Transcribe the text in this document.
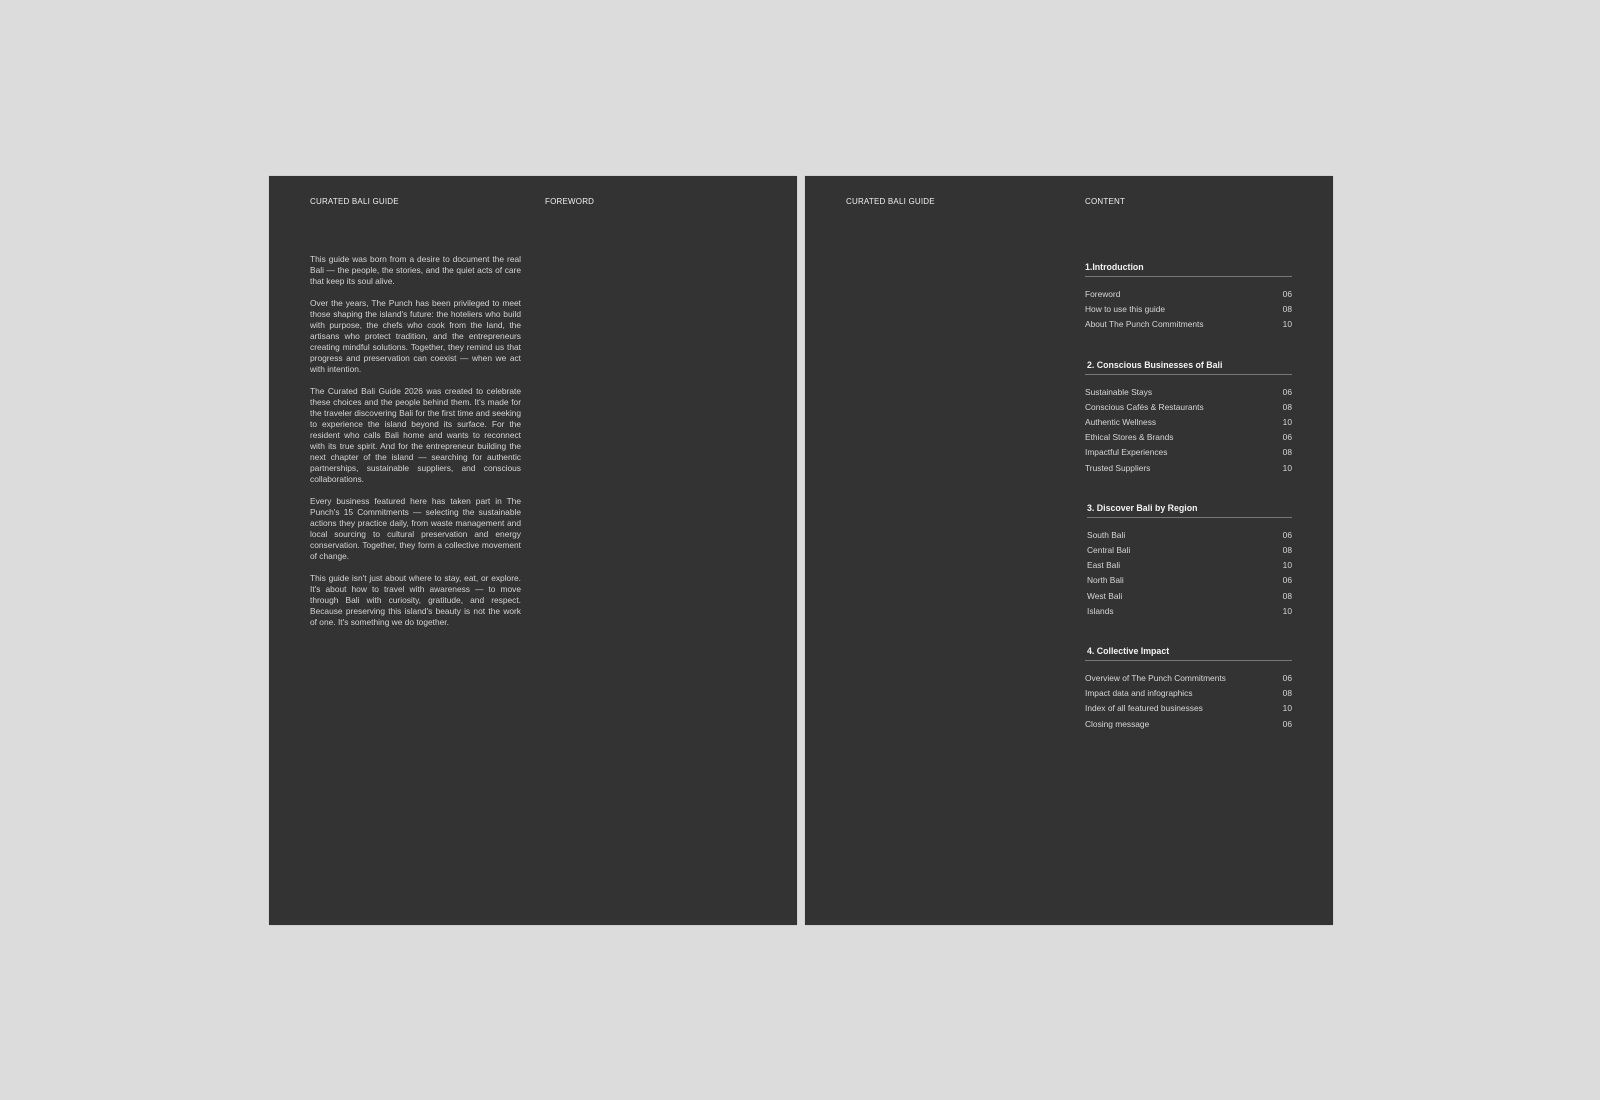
CURATED BALI GUIDE	FOREWORD

This guide was born from a desire to document the real Bali — the people, the stories, and the quiet acts of care that keep its soul alive.

Over the years, The Punch has been privileged to meet those shaping the island's future: the hoteliers who build with purpose, the chefs who cook from the land, the artisans who protect tradition, and the entrepreneurs creating mindful solutions. Together, they remind us that progress and preservation can coexist — when we act with intention.

The Curated Bali Guide 2026 was created to celebrate these choices and the people behind them. It's made for the traveler discovering Bali for the first time and seeking to experience the island beyond its surface. For the resident who calls Bali home and wants to reconnect with its true spirit. And for the entrepreneur building the next chapter of the island — searching for authentic partnerships, sustainable suppliers, and conscious collaborations.

Every business featured here has taken part in The Punch's 15 Commitments — selecting the sustainable actions they practice daily, from waste management and local sourcing to cultural preservation and energy conservation. Together, they form a collective movement of change.

This guide isn't just about where to stay, eat, or explore. It's about how to travel with awareness — to move through Bali with curiosity, gratitude, and respect. Because preserving this island's beauty is not the work of one. It's something we do together.

CURATED BALI GUIDE	CONTENT
1.Introduction
Foreword	06
How to use this guide	08
About The Punch Commitments	10
2. Conscious Businesses of Bali
Sustainable Stays	06
Conscious Cafés & Restaurants	08
Authentic Wellness	10
Ethical Stores & Brands	06
Impactful Experiences	08
Trusted Suppliers	10
3. Discover Bali by Region
South Bali	06
Central Bali	08
East Bali	10
North Bali	06
West Bali	08
Islands	10
4. Collective Impact
Overview of The Punch Commitments	06
Impact data and infographics	08
Index of all featured businesses	10
Closing message	06
